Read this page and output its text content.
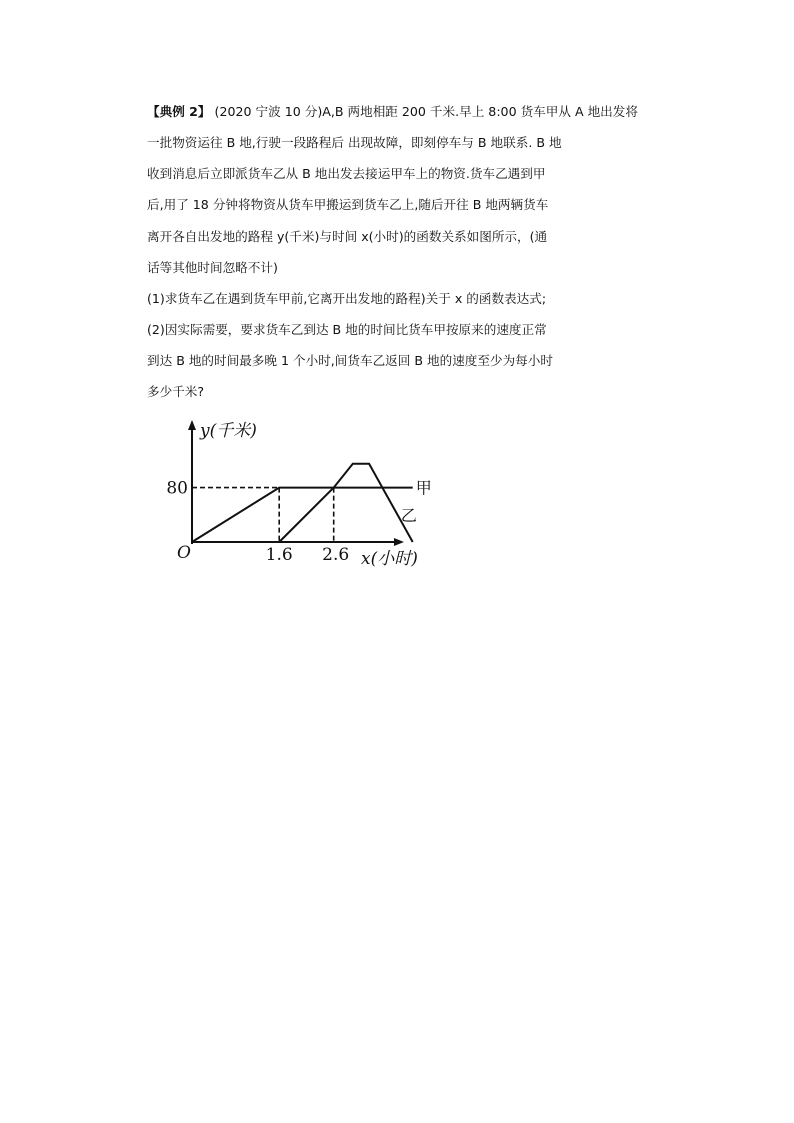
【典例 2】 (2020 宁波 10 分)A,B 两地相距 200 千米.早上 8:00 货车甲从 A 地出发将
一批物资运往 B 地,行驶一段路程后 出现故障，即刻停车与 B 地联系. B 地
收到消息后立即派货车乙从 B 地出发去接运甲车上的物资.货车乙遇到甲
后,用了 18 分钟将物资从货车甲搬运到货车乙上,随后开往 B 地两辆货车
离开各自出发地的路程 y(千米)与时间 x(小时)的函数关系如图所示，(通
话等其他时间忽略不计)
(1)求货车乙在遇到货车甲前,它离开出发地的路程)关于 x 的函数表达式;
(2)因实际需要，要求货车乙到达 B 地的时间比货车甲按原来的速度正常
到达 B 地的时间最多晚 1 个小时,间货车乙返回 B 地的速度至少为每小时
多少千米?
y(千米)
x(小时)
O
80
1.6 2.6
甲
乙
